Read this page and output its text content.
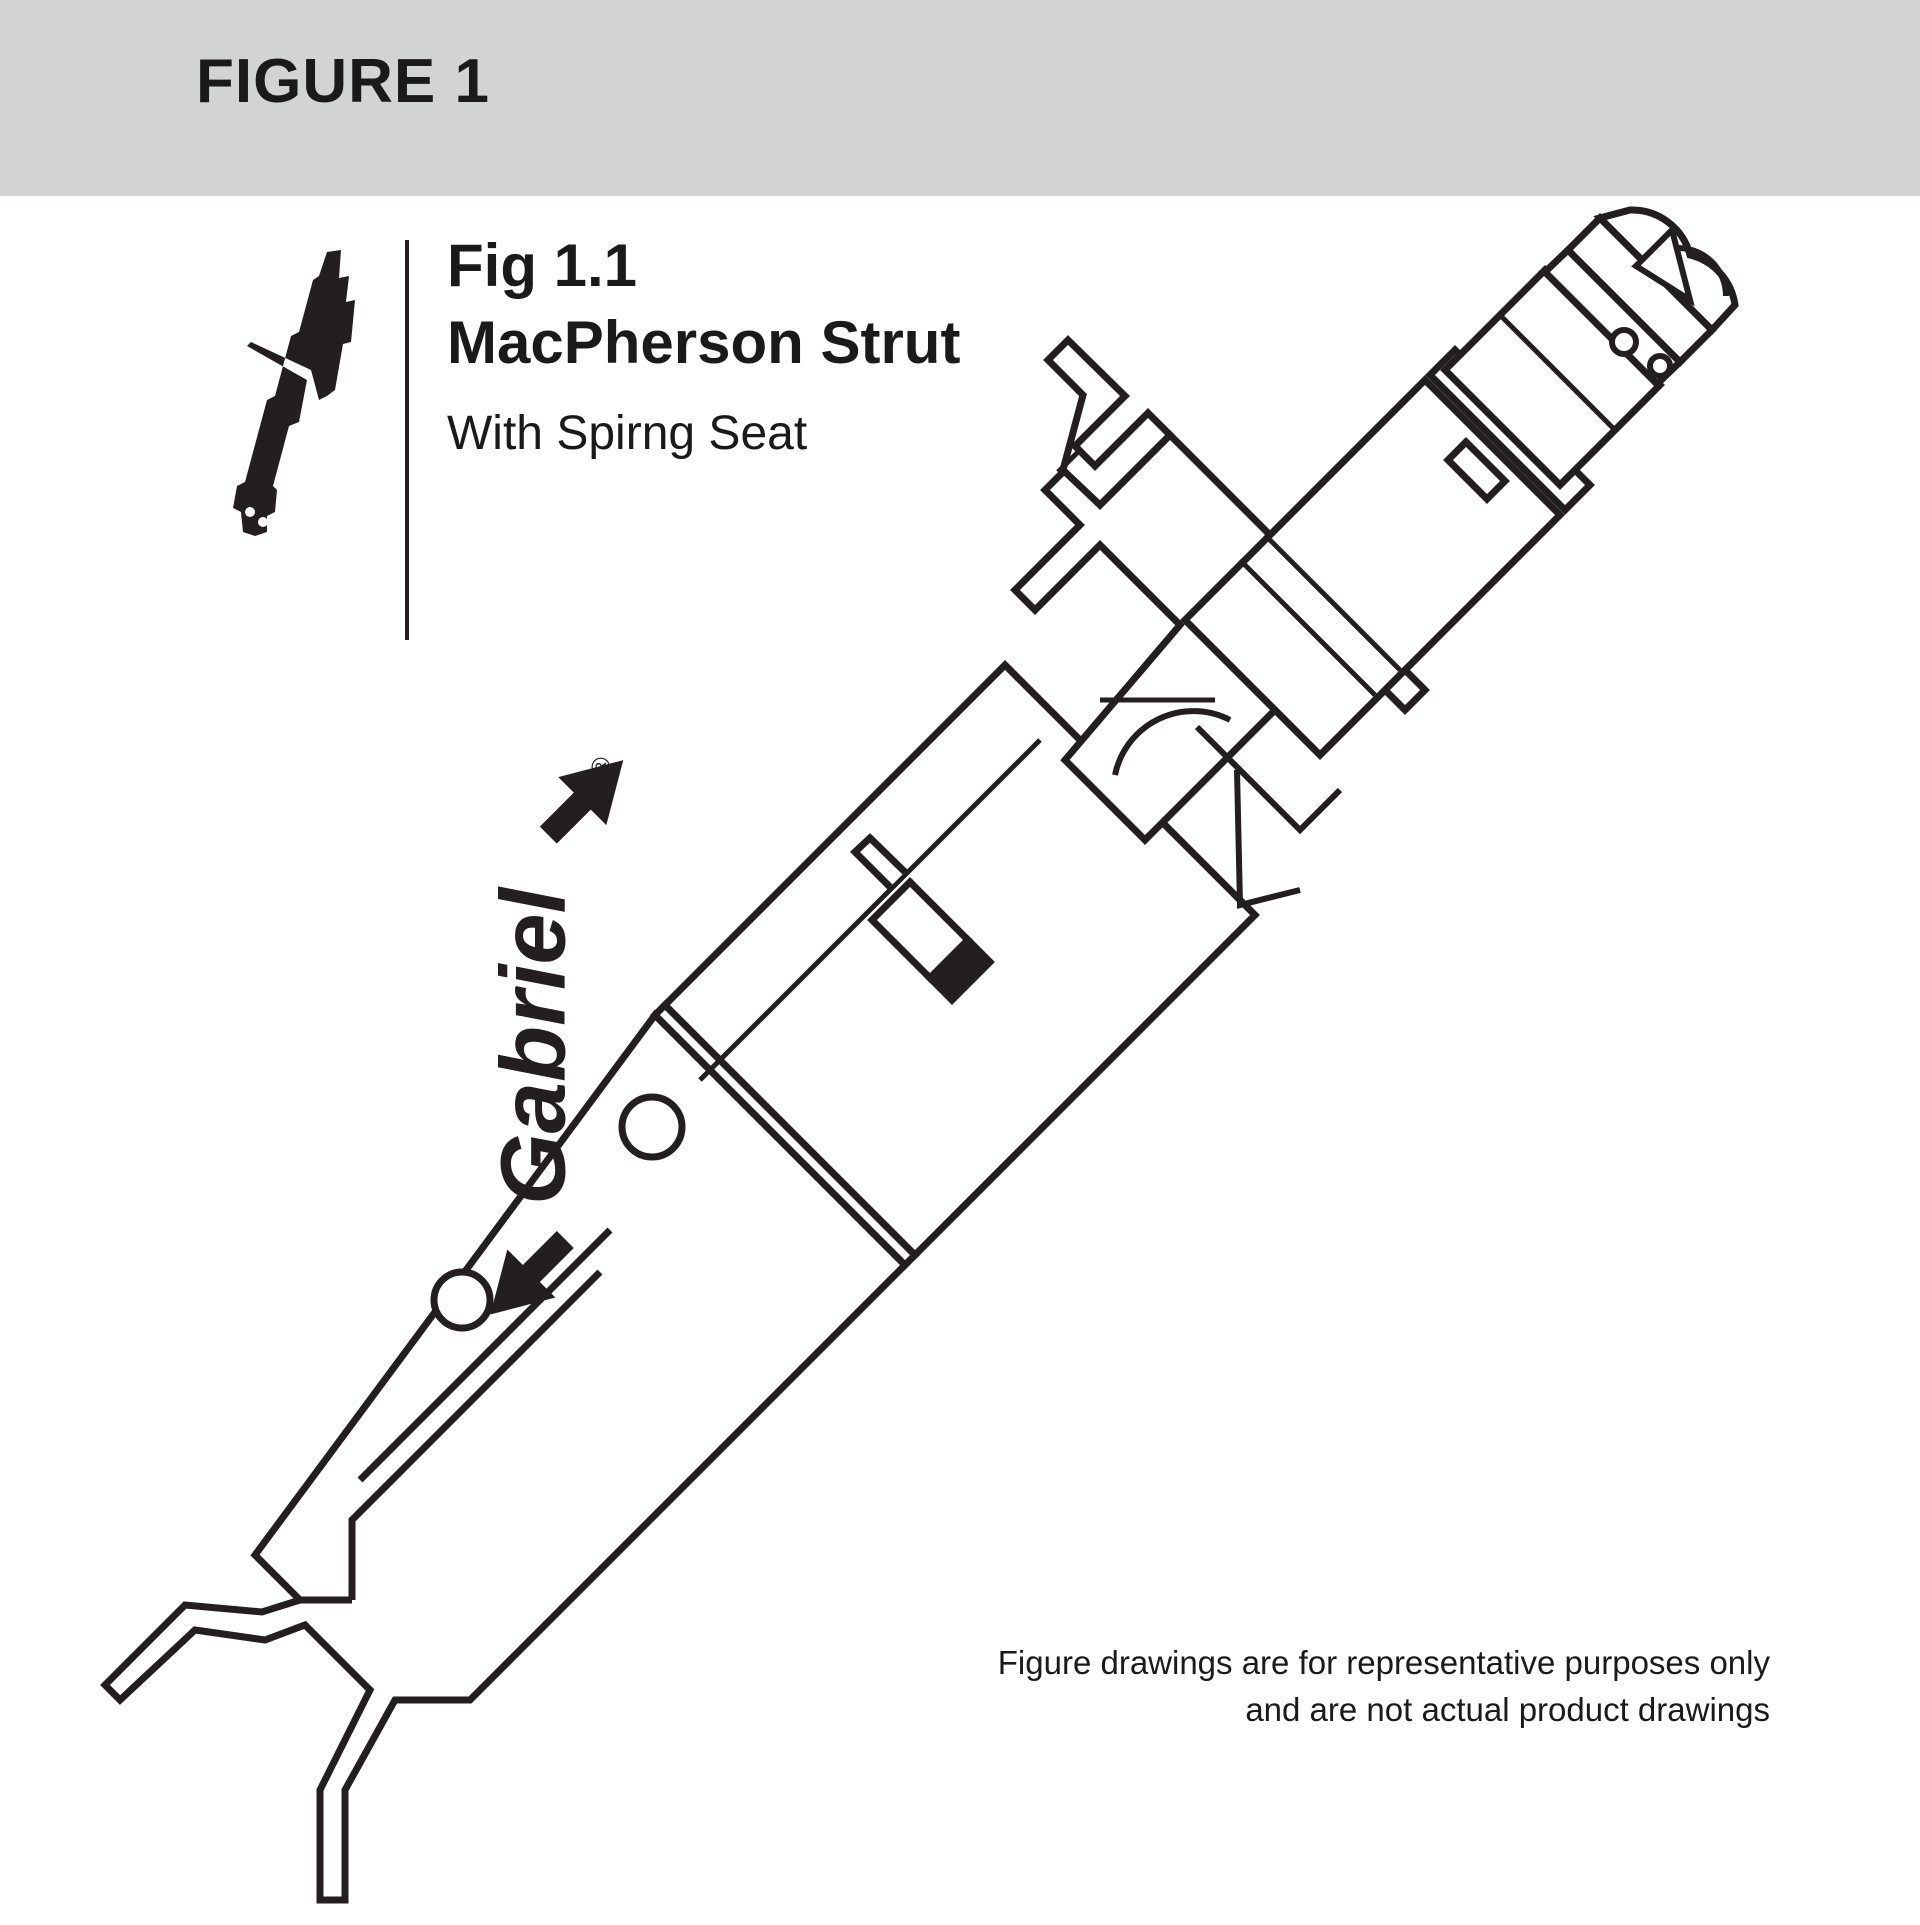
FIGURE 1
Fig 1.1 MacPherson Strut
With Spirng Seat
Gabriel
®
Figure drawings are for representative purposes only
and are not actual product drawings
